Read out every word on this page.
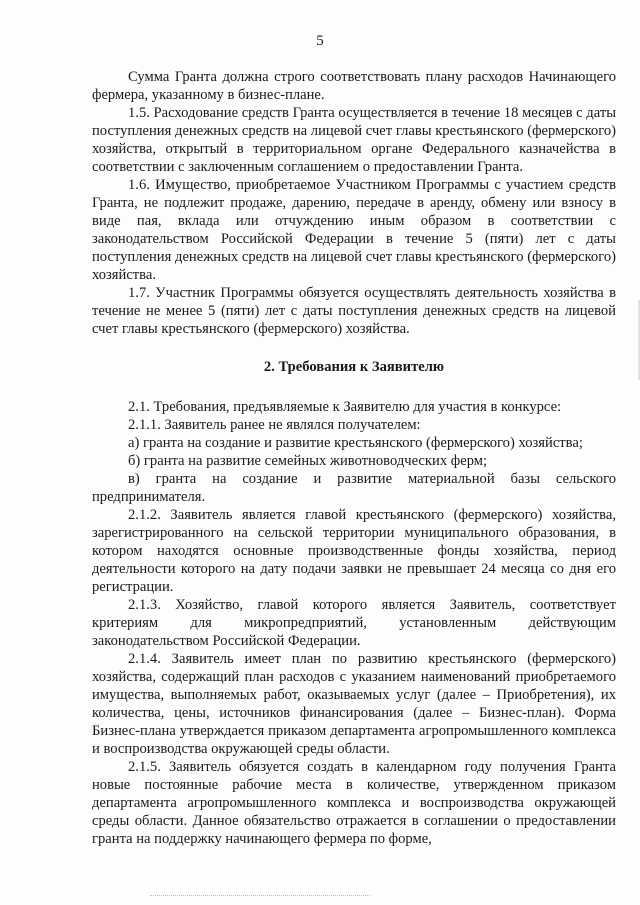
5

Сумма Гранта должна строго соответствовать плану расходов Начинающего фермера, указанному в бизнес-плане.

1.5. Расходование средств Гранта осуществляется в течение 18 месяцев с даты поступления денежных средств на лицевой счет главы крестьянского (фермерского) хозяйства, открытый в территориальном органе Федерального казначейства в соответствии с заключенным соглашением о предоставлении Гранта.

1.6. Имущество, приобретаемое Участником Программы с участием средств Гранта, не подлежит продаже, дарению, передаче в аренду, обмену или взносу в виде пая, вклада или отчуждению иным образом в соответствии с законодательством Российской Федерации в течение 5 (пяти) лет с даты поступления денежных средств на лицевой счет главы крестьянского (фермерского) хозяйства.

1.7. Участник Программы обязуется осуществлять деятельность хозяйства в течение не менее 5 (пяти) лет с даты поступления денежных средств на лицевой счет главы крестьянского (фермерского) хозяйства.

2. Требования к Заявителю

2.1. Требования, предъявляемые к Заявителю для участия в конкурсе:

2.1.1. Заявитель ранее не являлся получателем:

а) гранта на создание и развитие крестьянского (фермерского) хозяйства;

б) гранта на развитие семейных животноводческих ферм;

в) гранта на создание и развитие материальной базы сельского предпринимателя.

2.1.2. Заявитель является главой крестьянского (фермерского) хозяйства, зарегистрированного на сельской территории муниципального образования, в котором находятся основные производственные фонды хозяйства, период деятельности которого на дату подачи заявки не превышает 24 месяца со дня его регистрации.

2.1.3. Хозяйство, главой которого является Заявитель, соответствует критериям для микропредприятий, установленным действующим законодательством Российской Федерации.

2.1.4. Заявитель имеет план по развитию крестьянского (фермерского) хозяйства, содержащий план расходов с указанием наименований приобретаемого имущества, выполняемых работ, оказываемых услуг (далее – Приобретения), их количества, цены, источников финансирования (далее – Бизнес-план). Форма Бизнес-плана утверждается приказом департамента агропромышленного комплекса и воспроизводства окружающей среды области.

2.1.5. Заявитель обязуется создать в календарном году получения Гранта новые постоянные рабочие места в количестве, утвержденном приказом департамента агропромышленного комплекса и воспроизводства окружающей среды области. Данное обязательство отражается в соглашении о предоставлении гранта на поддержку начинающего фермера по форме,
